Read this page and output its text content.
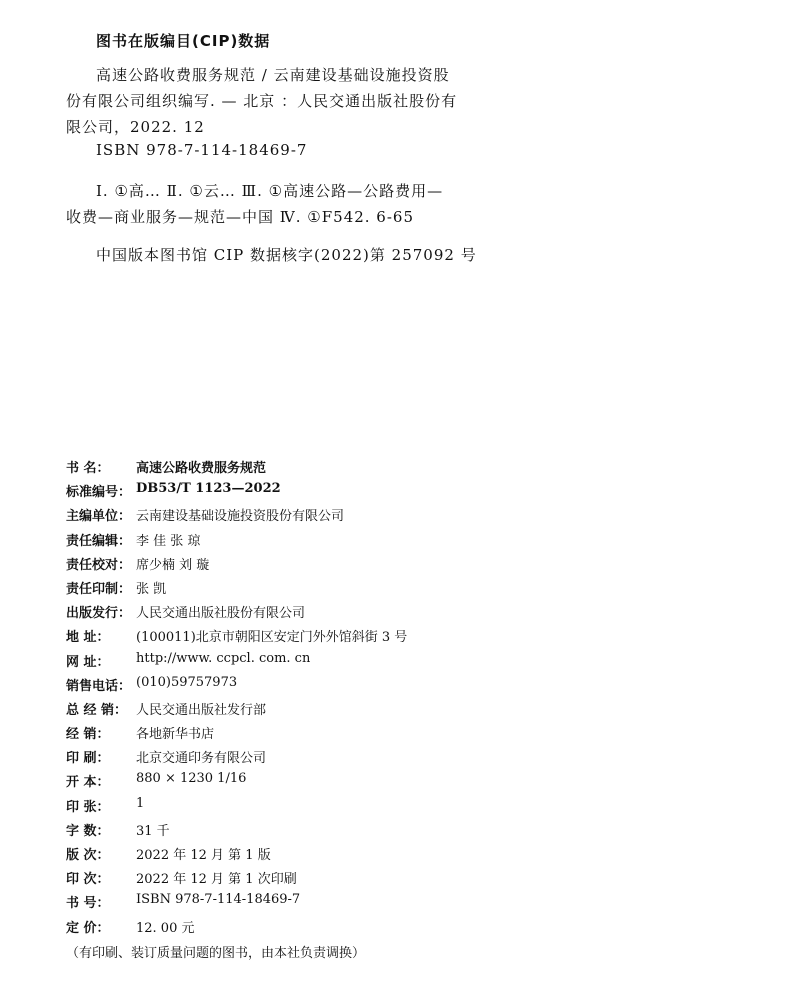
图书在版编目(CIP)数据
高速公路收费服务规范 / 云南建设基础设施投资股
份有限公司组织编写. — 北京 ：人民交通出版社股份有
限公司，2022. 12
ISBN 978-7-114-18469-7
Ⅰ. ①高… Ⅱ. ①云… Ⅲ. ①高速公路—公路费用—
收费—商业服务—规范—中国 Ⅳ. ①F542. 6-65
中国版本图书馆 CIP 数据核字(2022)第 257092 号
书 名： 高速公路收费服务规范
标准编号： DB53/T 1123—2022
主编单位： 云南建设基础设施投资股份有限公司
责任编辑： 李 佳 张 琼
责任校对： 席少楠 刘 璇
责任印制： 张 凯
出版发行： 人民交通出版社股份有限公司
地 址： (100011)北京市朝阳区安定门外外馆斜街 3 号
网 址： http://www. ccpcl. com. cn
销售电话： (010)59757973
总 经 销： 人民交通出版社发行部
经 销： 各地新华书店
印 刷： 北京交通印务有限公司
开 本： 880 × 1230 1/16
印 张： 1
字 数： 31 千
版 次： 2022 年 12 月 第 1 版
印 次： 2022 年 12 月 第 1 次印刷
书 号： ISBN 978-7-114-18469-7
定 价： 12. 00 元
（有印刷、装订质量问题的图书，由本社负责调换）
